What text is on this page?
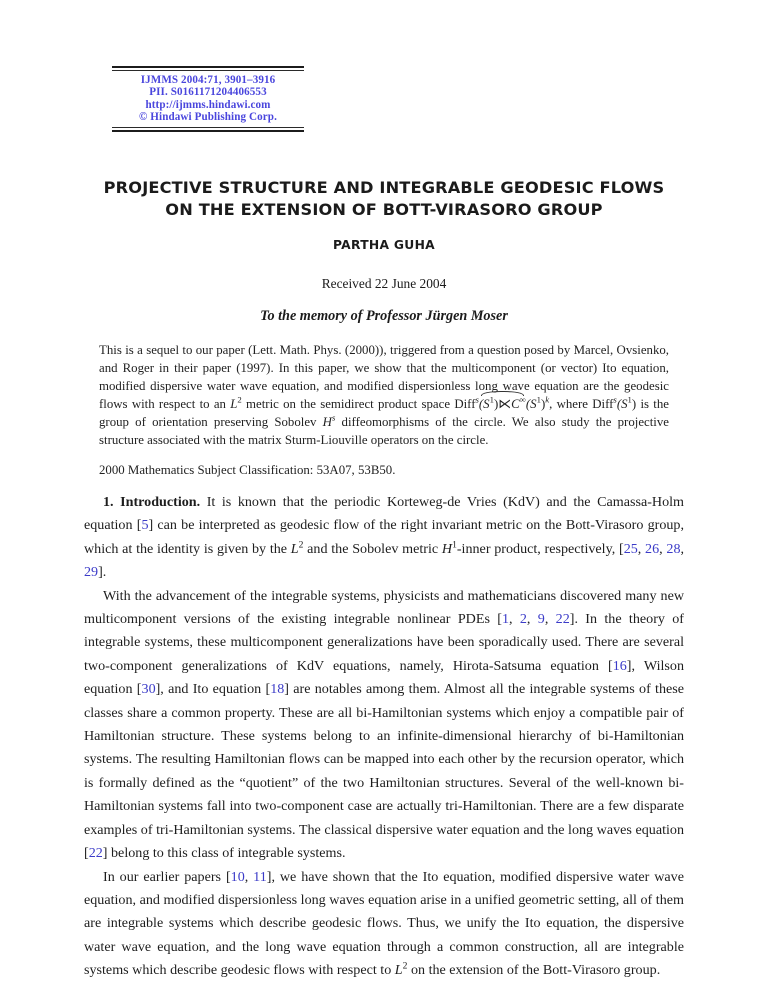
IJMMS 2004:71, 3901–3916
PII. S0161171204406553
http://ijmms.hindawi.com
© Hindawi Publishing Corp.
PROJECTIVE STRUCTURE AND INTEGRABLE GEODESIC FLOWS
ON THE EXTENSION OF BOTT-VIRASORO GROUP
PARTHA GUHA
Received 22 June 2004
To the memory of Professor Jürgen Moser

This is a sequel to our paper (Lett. Math. Phys. (2000)), triggered from a question posed by Marcel, Ovsienko, and Roger in their paper (1997). In this paper, we show that the multicomponent (or vector) Ito equation, modified dispersive water wave equation, and modified dispersionless long wave equation are the geodesic flows with respect to an $L^2$ metric on the semidirect product space $Diff^s(S^1)⋉C^\infty(S^1)^k$, where $Diff^s(S^1)$ is the group of orientation preserving Sobolev $H^s$ diffeomorphisms of the circle. We also study the projective structure associated with the matrix Sturm-Liouville operators on the circle.

2000 Mathematics Subject Classification: 53A07, 53B50.

1. Introduction. It is known that the periodic Korteweg-de Vries (KdV) and the Camassa-Holm equation [5] can be interpreted as geodesic flow of the right invariant metric on the Bott-Virasoro group, which at the identity is given by the $L^2$ and the Sobolev metric $H^1$-inner product, respectively, [25, 26, 28, 29].

With the advancement of the integrable systems, physicists and mathematicians discovered many new multicomponent versions of the existing integrable nonlinear PDEs [1, 2, 9, 22]. In the theory of integrable systems, these multicomponent generalizations have been sporadically used. There are several two-component generalizations of KdV equations, namely, Hirota-Satsuma equation [16], Wilson equation [30], and Ito equation [18] are notables among them. Almost all the integrable systems of these classes share a common property. These are all bi-Hamiltonian systems which enjoy a compatible pair of Hamiltonian structure. These systems belong to an infinite-dimensional hierarchy of bi-Hamiltonian systems. The resulting Hamiltonian flows can be mapped into each other by the recursion operator, which is formally defined as the “quotient” of the two Hamiltonian structures. Several of the well-known bi-Hamiltonian systems fall into two-component case are actually tri-Hamiltonian. There are a few disparate examples of tri-Hamiltonian systems. The classical dispersive water equation and the long waves equation [22] belong to this class of integrable systems.

In our earlier papers [10, 11], we have shown that the Ito equation, modified dispersive water wave equation, and modified dispersionless long waves equation arise in a unified geometric setting, all of them are integrable systems which describe geodesic flows. Thus, we unify the Ito equation, the dispersive water wave equation, and the long wave equation through a common construction, all are integrable systems which describe geodesic flows with respect to $L^2$ on the extension of the Bott-Virasoro group.
